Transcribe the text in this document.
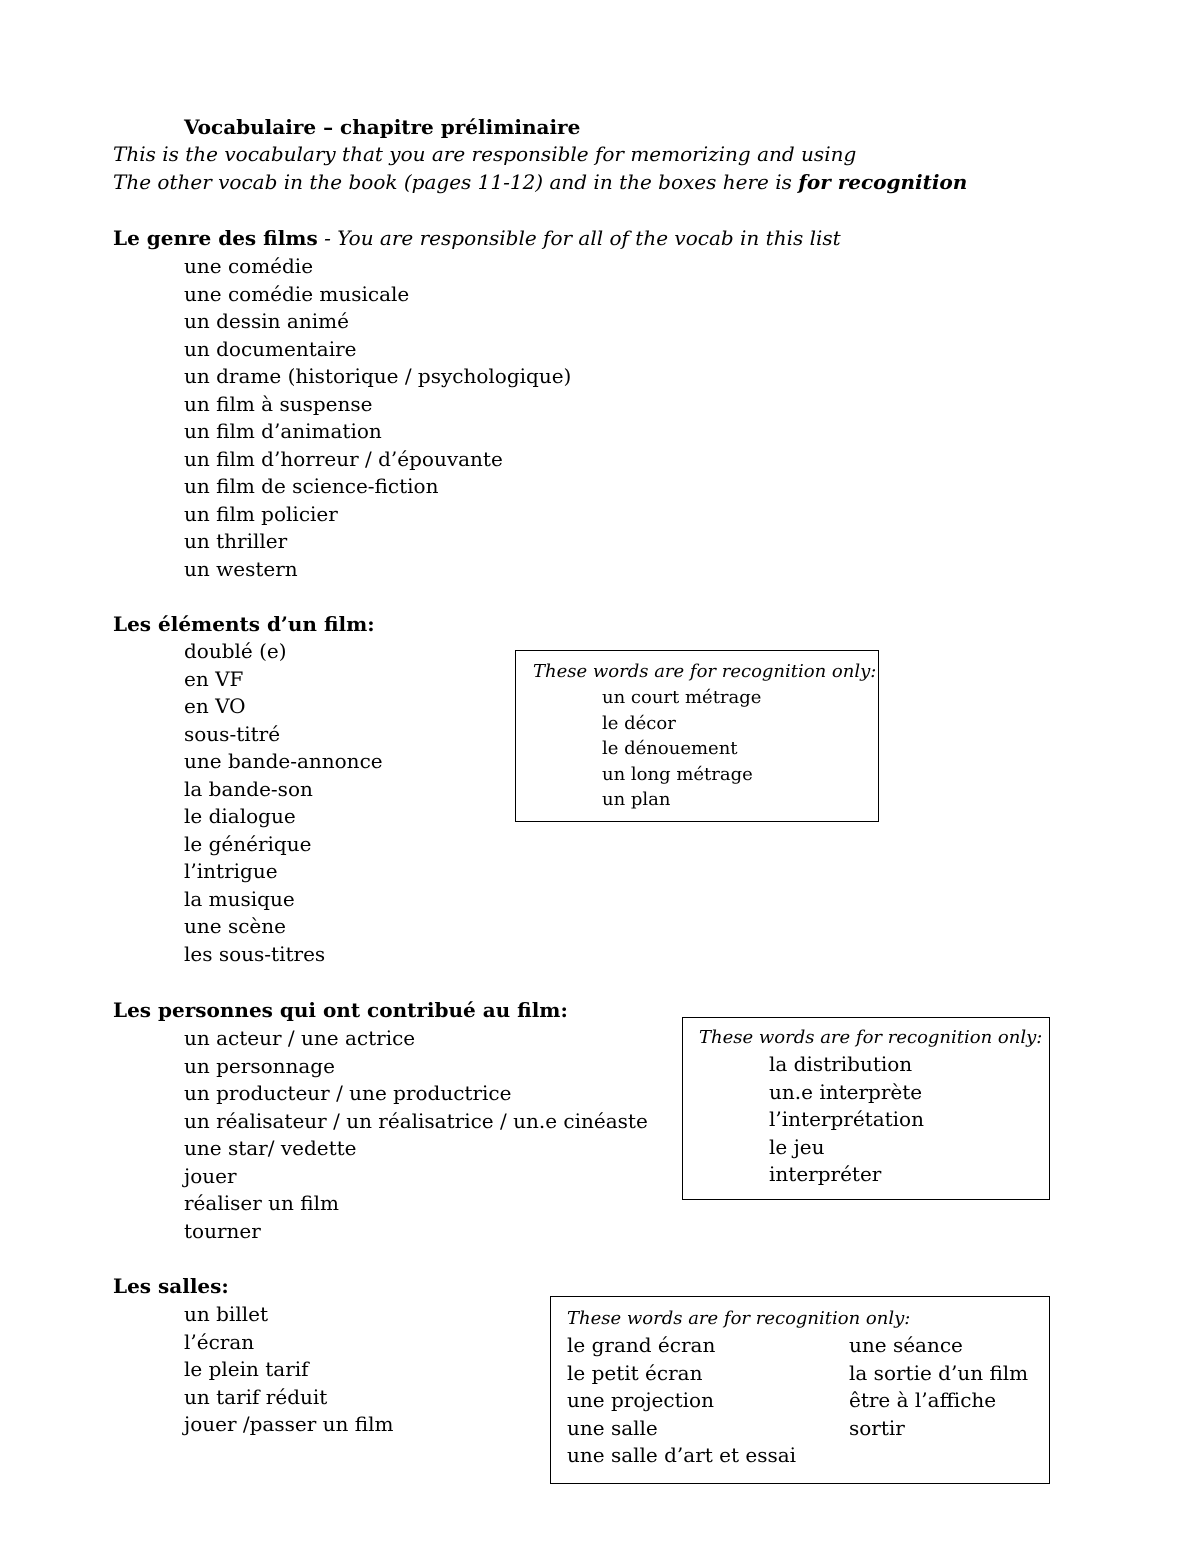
Vocabulaire – chapitre préliminaire
This is the vocabulary that you are responsible for memorizing and using
The other vocab in the book (pages 11-12) and in the boxes here is for recognition
Le genre des films - You are responsible for all of the vocab in this list
une comédie
une comédie musicale
un dessin animé
un documentaire
un drame (historique / psychologique)
un film à suspense
un film d’animation
un film d’horreur / d’épouvante
un film de science-fiction
un film policier
un thriller
un western
Les éléments d’un film:
doublé (e)
en VF
en VO
sous-titré
une bande-annonce
la bande-son
le dialogue
le générique
l’intrigue
la musique
une scène
les sous-titres
These words are for recognition only:
un court métrage
le décor
le dénouement
un long métrage
un plan
Les personnes qui ont contribué au film:
un acteur / une actrice
un personnage
un producteur / une productrice
un réalisateur / un réalisatrice / un.e cinéaste
une star/ vedette
jouer
réaliser un film
tourner
These words are for recognition only:
la distribution
un.e interprète
l’interprétation
le jeu
interpréter
Les salles:
un billet
l’écran
le plein tarif
un tarif réduit
jouer /passer un film
These words are for recognition only:
le grand écran
le petit écran
une projection
une salle
une salle d’art et essai
une séance
la sortie d’un film
être à l’affiche
sortir
